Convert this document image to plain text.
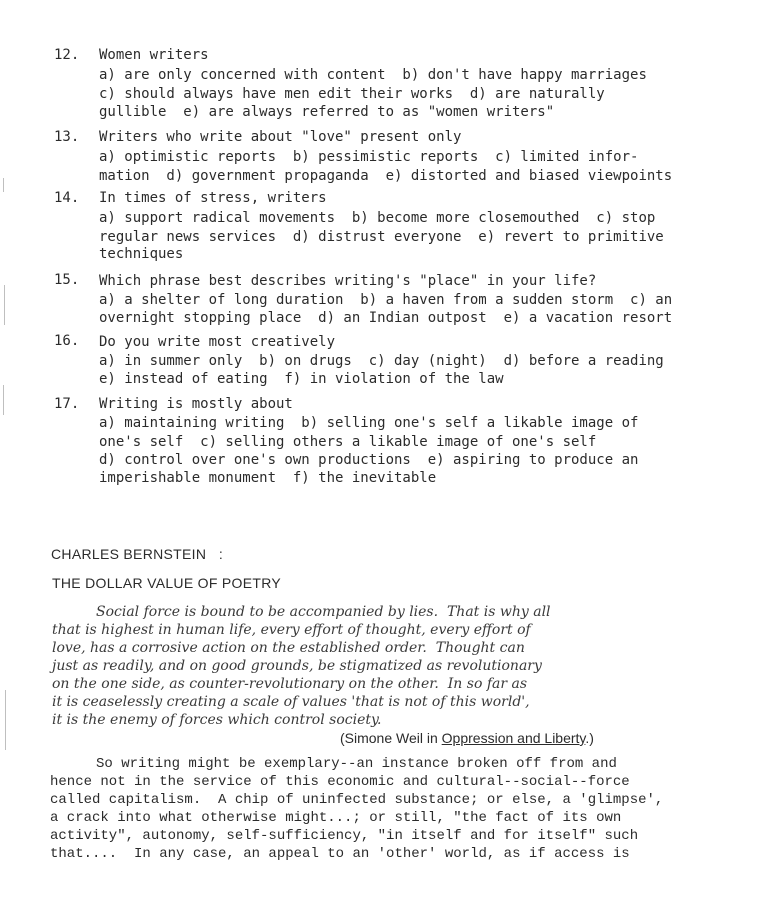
12. Women writers
a) are only concerned with content  b) don't have happy marriages
c) should always have men edit their works  d) are naturally
gullible  e) are always referred to as "women writers"
13. Writers who write about "love" present only
a) optimistic reports  b) pessimistic reports  c) limited infor-
mation  d) government propaganda  e) distorted and biased viewpoints
14. In times of stress, writers
a) support radical movements  b) become more closemouthed  c) stop
regular news services  d) distrust everyone  e) revert to primitive
techniques
15. Which phrase best describes writing's "place" in your life?
a) a shelter of long duration  b) a haven from a sudden storm  c) an
overnight stopping place  d) an Indian outpost  e) a vacation resort
16. Do you write most creatively
a) in summer only  b) on drugs  c) day (night)  d) before a reading
e) instead of eating  f) in violation of the law
17. Writing is mostly about
a) maintaining writing  b) selling one's self a likable image of
one's self  c) selling others a likable image of one's self
d) control over one's own productions  e) aspiring to produce an
imperishable monument  f) the inevitable
CHARLES BERNSTEIN   :
THE DOLLAR VALUE OF POETRY
Social force is bound to be accompanied by lies.  That is why all
that is highest in human life, every effort of thought, every effort of
love, has a corrosive action on the established order.  Thought can
just as readily, and on good grounds, be stigmatized as revolutionary
on the one side, as counter-revolutionary on the other.  In so far as
it is ceaselessly creating a scale of values 'that is not of this world',
it is the enemy of forces which control society.
(Simone Weil in Oppression and Liberty.)
So writing might be exemplary--an instance broken off from and
hence not in the service of this economic and cultural--social--force
called capitalism.  A chip of uninfected substance; or else, a 'glimpse',
a crack into what otherwise might...; or still, "the fact of its own
activity", autonomy, self-sufficiency, "in itself and for itself" such
that....  In any case, an appeal to an 'other' world, as if access is
